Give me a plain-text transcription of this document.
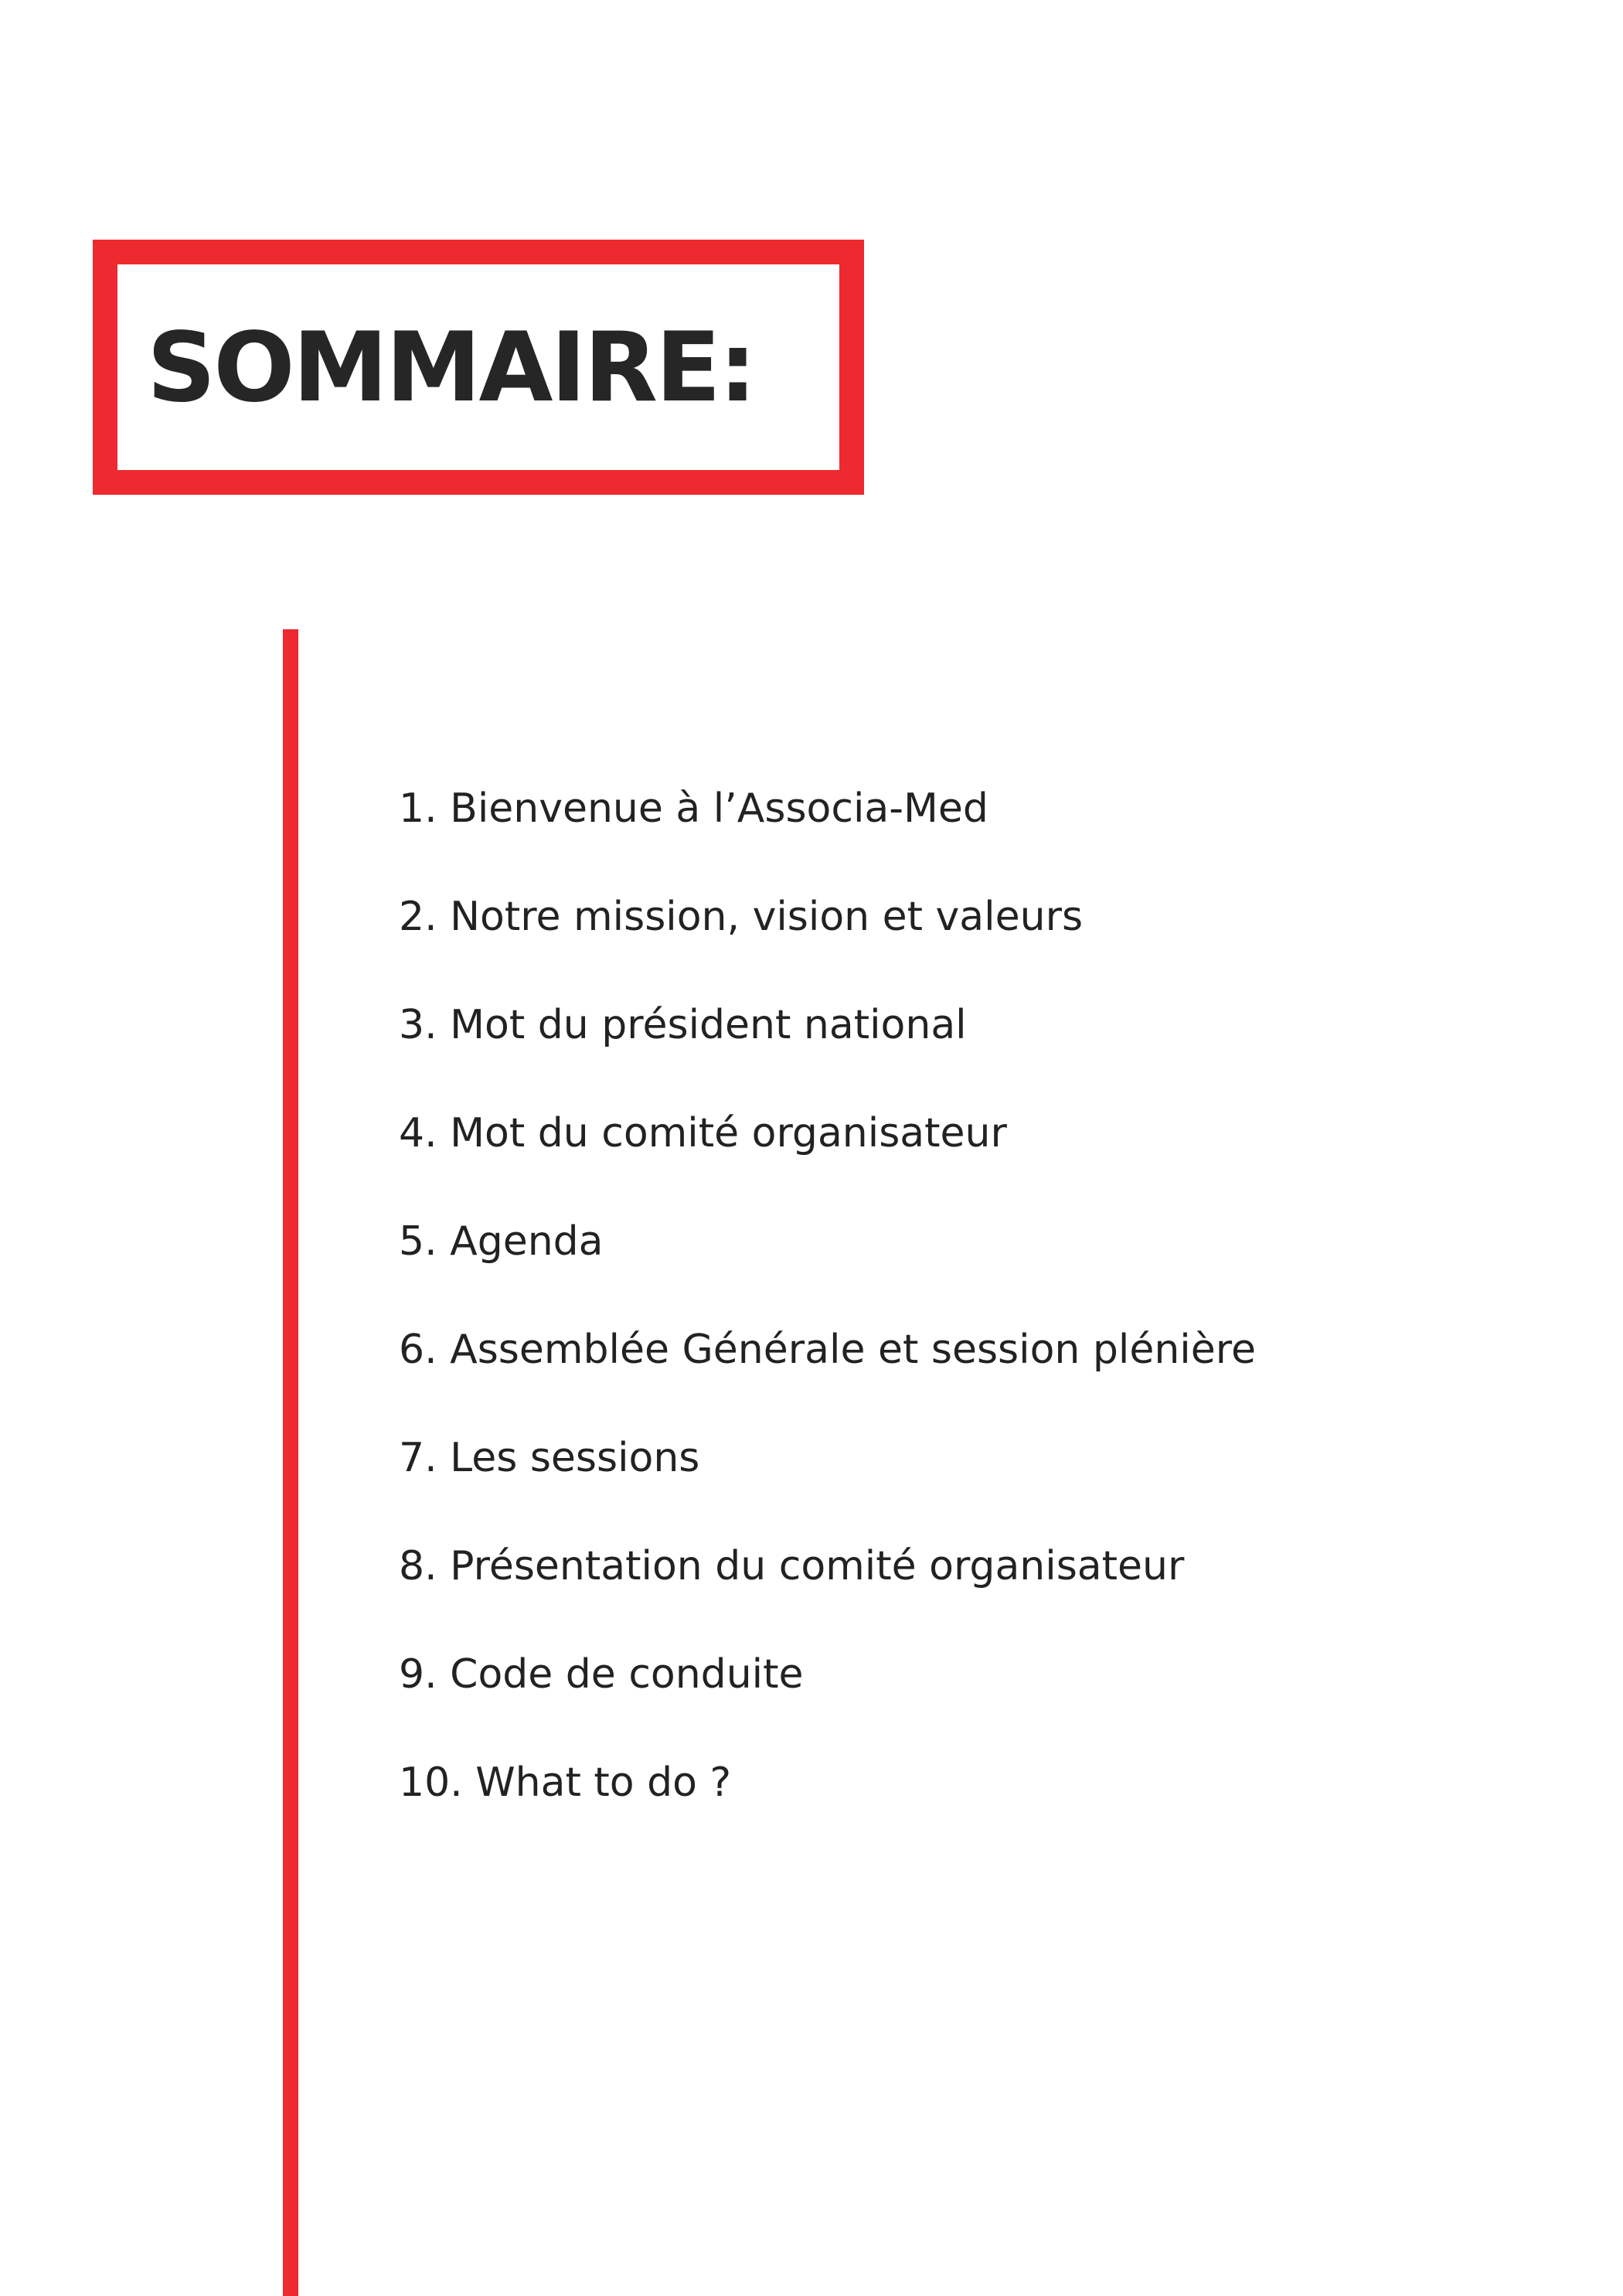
SOMMAIRE:
1. Bienvenue à l’Associa-Med
2. Notre mission, vision et valeurs
3. Mot du président national
4. Mot du comité organisateur
5. Agenda
6. Assemblée Générale et session plénière
7. Les sessions
8. Présentation du comité organisateur
9. Code de conduite
10. What to do ?
